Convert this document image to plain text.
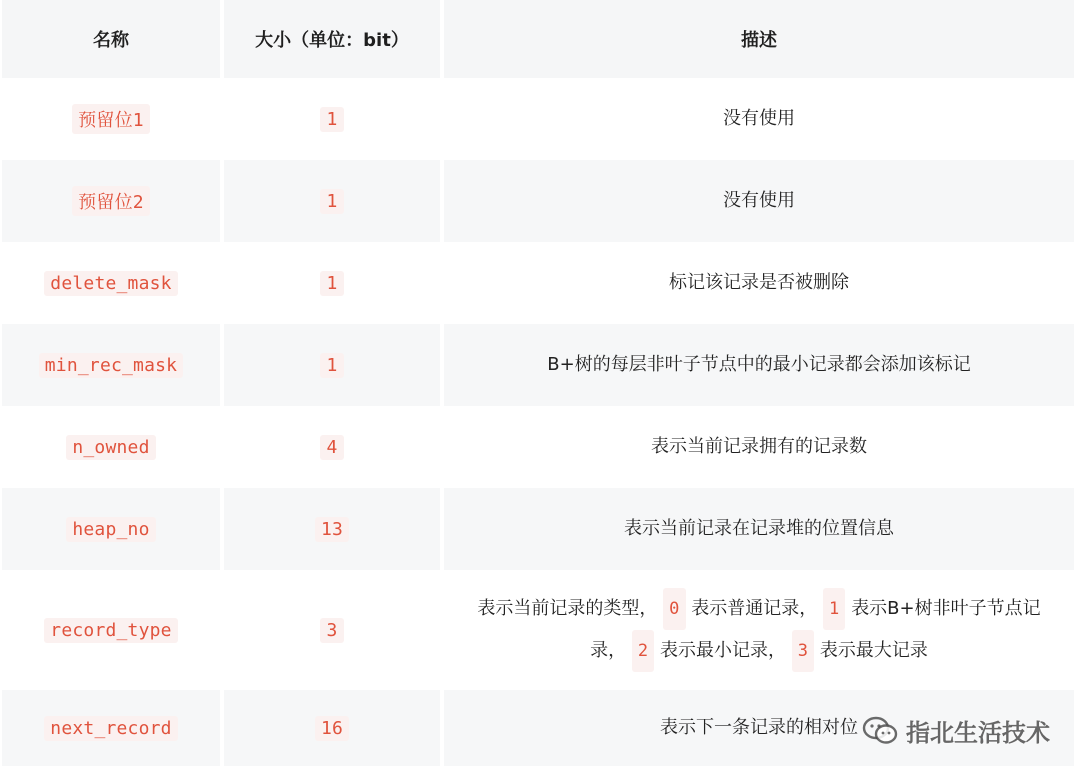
名称	大小（单位：bit）	描述
预留位1	1	没有使用
预留位2	1	没有使用
delete_mask	1	标记该记录是否被删除
min_rec_mask	1	B+树的每层非叶子节点中的最小记录都会添加该标记
n_owned	4	表示当前记录拥有的记录数
heap_no	13	表示当前记录在记录堆的位置信息
record_type	3	表示当前记录的类型， 0 表示普通记录， 1 表示B+树非叶子节点记
录， 2 表示最小记录， 3 表示最大记录

next_record	16	表示下一条记录的相对位 指北生活技术
